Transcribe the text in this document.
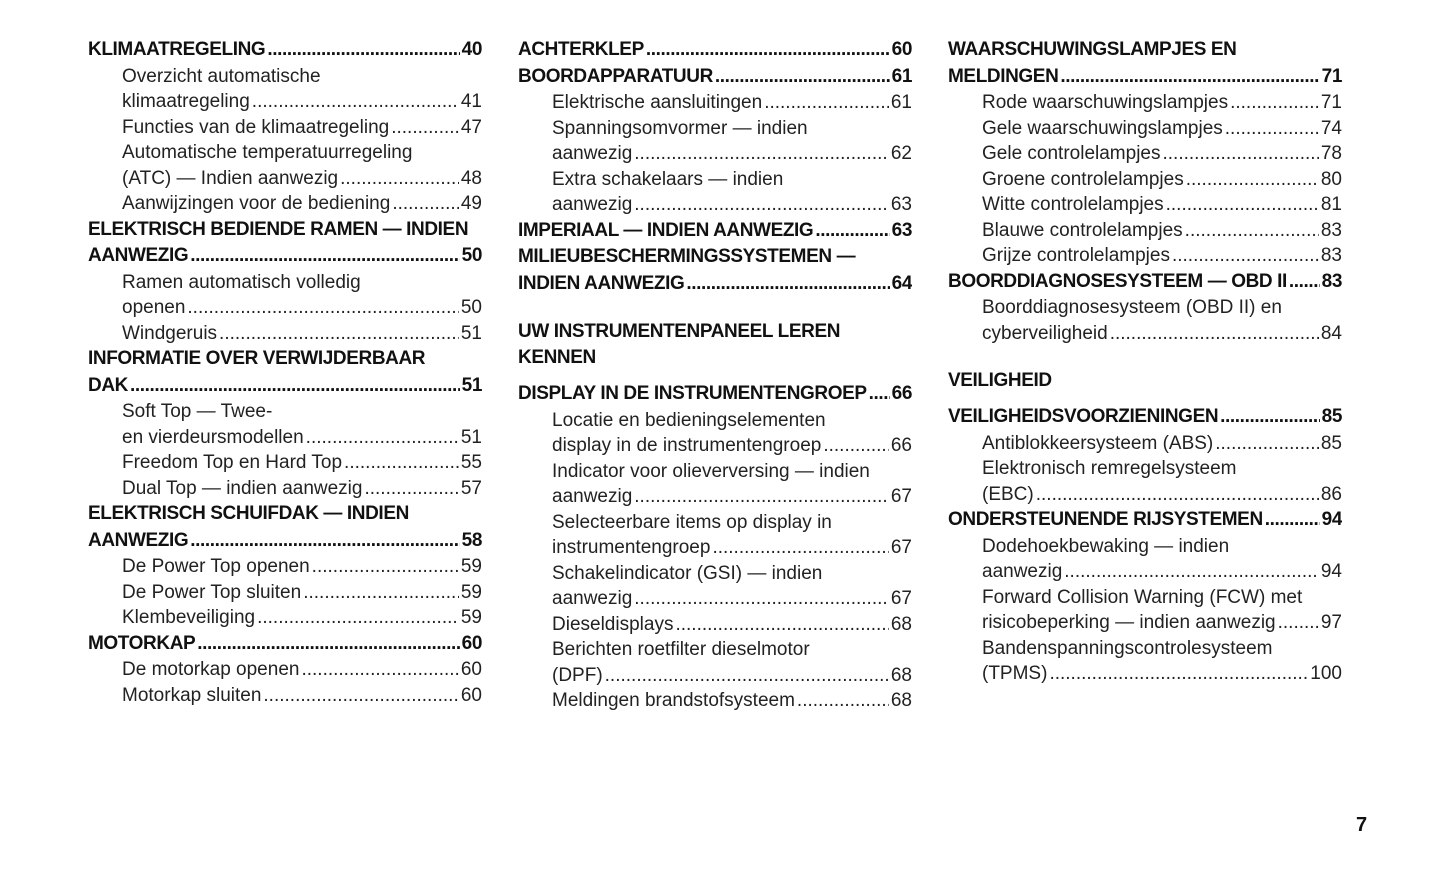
KLIMAATREGELING .....	40
Overzicht automatische
klimaatregeling .....	41
Functies van de klimaatregeling .....	47
Automatische temperatuurregeling
(ATC) — Indien aanwezig .....	48
Aanwijzingen voor de bediening .....	49
ELEKTRISCH BEDIENDE RAMEN — INDIEN
AANWEZIG .....	50
Ramen automatisch volledig
openen .....	50
Windgeruis .....	51
INFORMATIE OVER VERWIJDERBAAR
DAK .....	51
Soft Top — Twee-
en vierdeursmodellen .....	51
Freedom Top en Hard Top .....	55
Dual Top — indien aanwezig .....	57
ELEKTRISCH SCHUIFDAK — INDIEN
AANWEZIG .....	58
De Power Top openen .....	59
De Power Top sluiten .....	59
Klembeveiliging .....	59
MOTORKAP .....	60
De motorkap openen .....	60
Motorkap sluiten .....	60
ACHTERKLEP .....	60
BOORDAPPARATUUR .....	61
Elektrische aansluitingen .....	61
Spanningsomvormer — indien
aanwezig .....	62
Extra schakelaars — indien
aanwezig .....	63
IMPERIAAL — INDIEN AANWEZIG .....	63
MILIEUBESCHERMINGSSYSTEMEN —
INDIEN AANWEZIG .....	64
UW INSTRUMENTENPANEEL LEREN KENNEN
DISPLAY IN DE INSTRUMENTENGROEP ..... 66
Locatie en bedieningselementen
display in de instrumentengroep .....	66
Indicator voor olieverversing — indien
aanwezig .....	67
Selecteerbare items op display in
instrumentengroep .....	67
Schakelindicator (GSI) — indien
aanwezig .....	67
Dieseldisplays .....	68
Berichten roetfilter dieselmotor
(DPF) .....	68
Meldingen brandstofsysteem .....	68
WAARSCHUWINGSLAMPJES EN
MELDINGEN .....	71
Rode waarschuwingslampjes .....	71
Gele waarschuwingslampjes .....	74
Gele controlelampjes .....	78
Groene controlelampjes .....	80
Witte controlelampjes .....	81
Blauwe controlelampjes .....	83
Grijze controlelampjes .....	83
BOORDDIAGNOSESYSTEEM — OBD II ..... 83
Boorddiagnosesysteem (OBD II) en
cyberveiligheid .....	84
VEILIGHEID
VEILIGHEIDSVOORZIENINGEN .....	85
Antiblokkeersysteem (ABS) .....	85
Elektronisch remregelsysteem
(EBC) .....	86
ONDERSTEUNENDE RIJSYSTEMEN .....	94
Dodehoekbewaking — indien
aanwezig .....	94
Forward Collision Warning (FCW) met
risicobeperking — indien aanwezig ..... 97
Bandenspanningscontrolesysteem
(TPMS) .....	100
7
